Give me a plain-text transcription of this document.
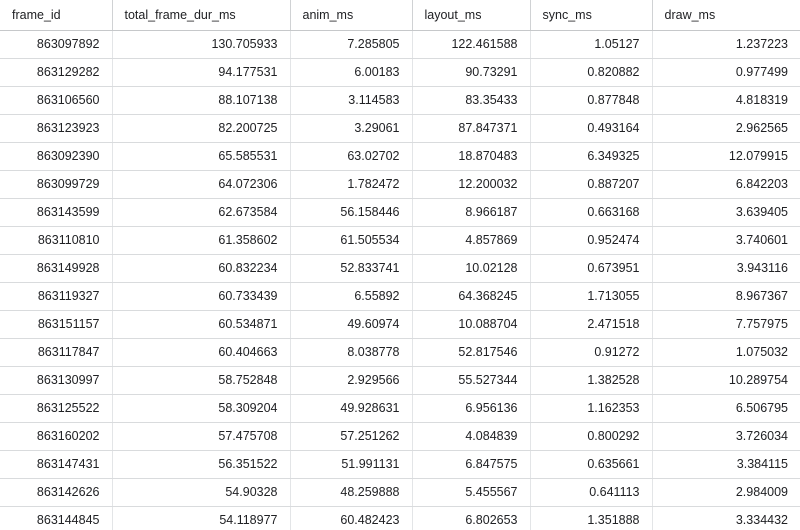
frame_id	total_frame_dur_ms	anim_ms	layout_ms	sync_ms	draw_ms
863097892	130.705933	7.285805	122.461588	1.05127	1.237223
863129282	94.177531	6.00183	90.73291	0.820882	0.977499
863106560	88.107138	3.114583	83.35433	0.877848	4.818319
863123923	82.200725	3.29061	87.847371	0.493164	2.962565
863092390	65.585531	63.02702	18.870483	6.349325	12.079915
863099729	64.072306	1.782472	12.200032	0.887207	6.842203
863143599	62.673584	56.158446	8.966187	0.663168	3.639405
863110810	61.358602	61.505534	4.857869	0.952474	3.740601
863149928	60.832234	52.833741	10.02128	0.673951	3.943116
863119327	60.733439	6.55892	64.368245	1.713055	8.967367
863151157	60.534871	49.60974	10.088704	2.471518	7.757975
863117847	60.404663	8.038778	52.817546	0.91272	1.075032
863130997	58.752848	2.929566	55.527344	1.382528	10.289754
863125522	58.309204	49.928631	6.956136	1.162353	6.506795
863160202	57.475708	57.251262	4.084839	0.800292	3.726034
863147431	56.351522	51.991131	6.847575	0.635661	3.384115
863142626	54.90328	48.259888	5.455567	0.641113	2.984009
863144845	54.118977	60.482423	6.802653	1.351888	3.334432
